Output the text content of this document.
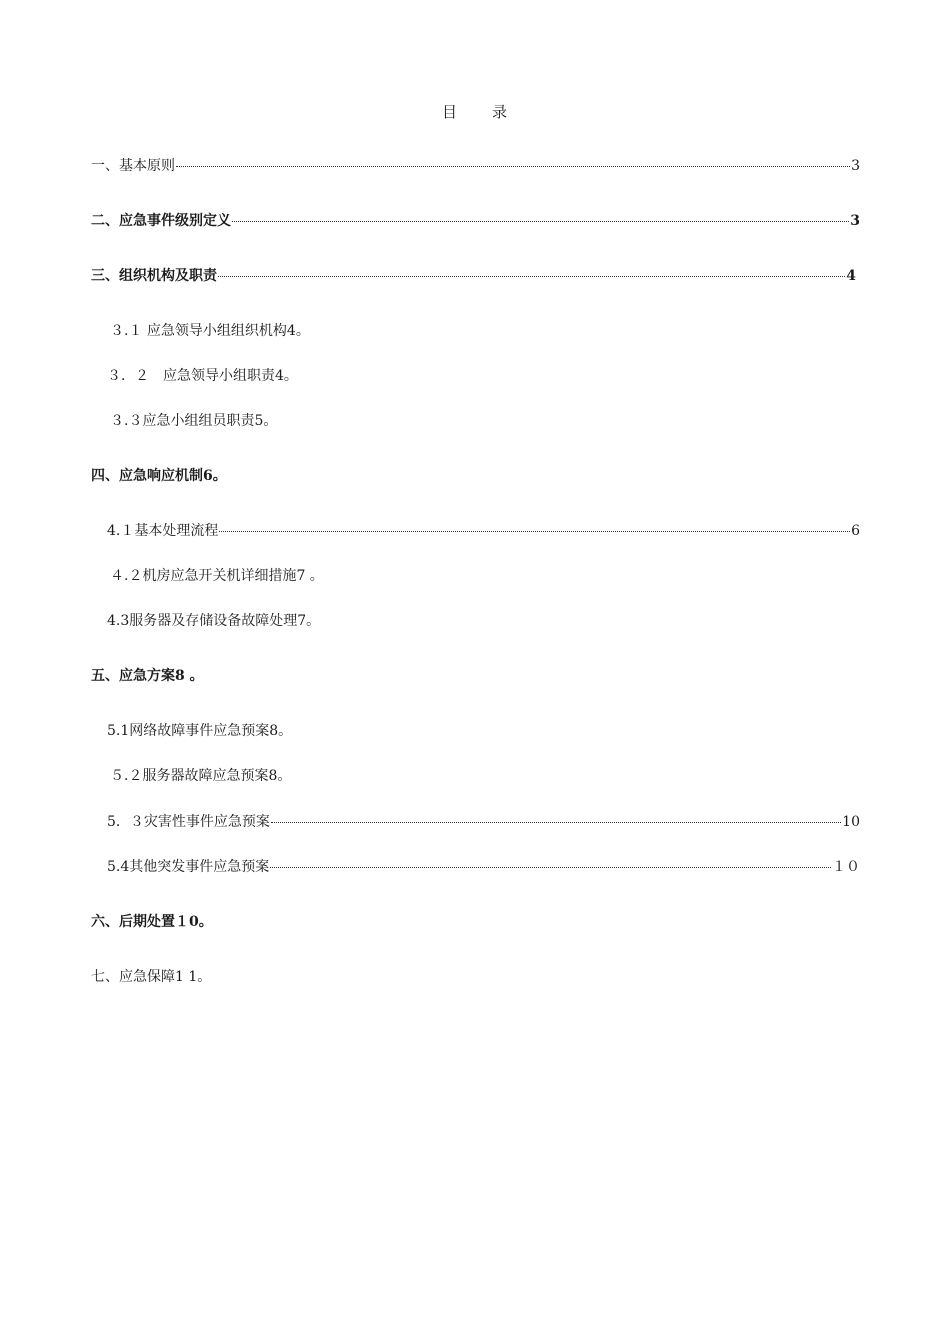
目 录
一、基本原则	3
二、应急事件级别定义	3
三、组织机构及职责	4
３.１ 应急领导小组组织机构 4。
３．２　应急领导小组职责 4。
３.３应急小组组员职责 5。
四、应急响应机制 6。
4.１基本处理流程	6
４.２机房应急开关机详细措施 7 。
4.3服务器及存储设备故障处理 7。
五、应急方案 8 。
5.1网络故障事件应急预案 8。
５.２服务器故障应急预案 8。
5．３灾害性事件应急预案	10
5.4其他突发事件应急预案	１０
六、后期处置 １0。
七、应急保障 1 1。
